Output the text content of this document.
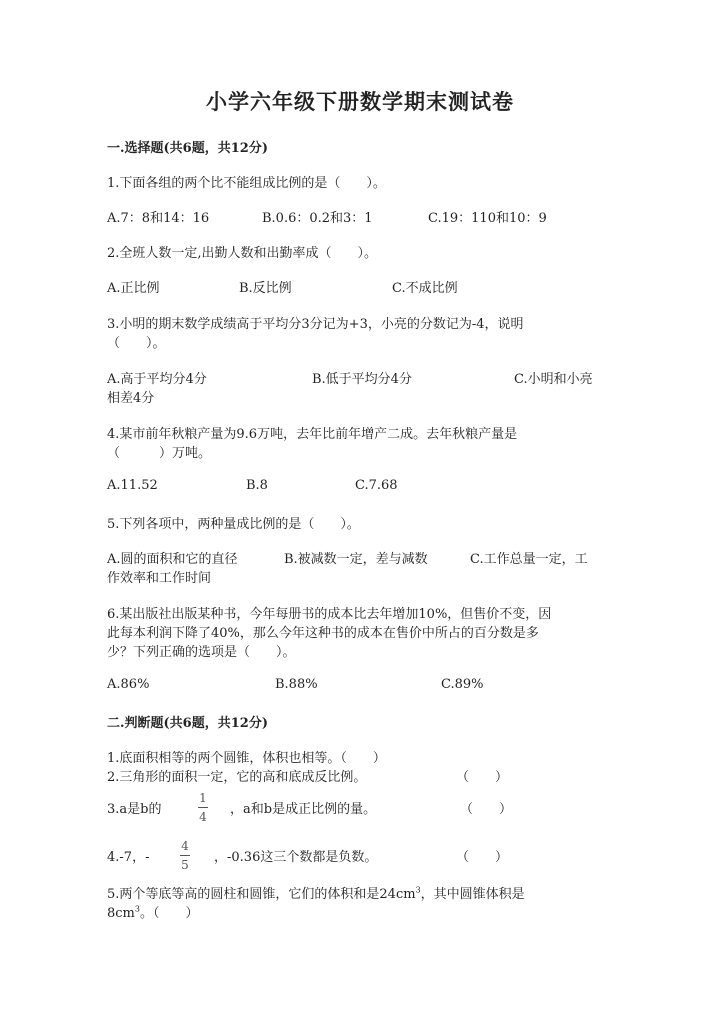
小学六年级下册数学期末测试卷
一.选择题(共6题，共12分)
1.下面各组的两个比不能组成比例的是（　　）。
A.7：8和14：16	B.0.6：0.2和3：1	C.19：110和10：9
2.全班人数一定,出勤人数和出勤率成（　　）。
A.正比例	B.反比例	C.不成比例
3.小明的期末数学成绩高于平均分3分记为+3，小亮的分数记为-4，说明
（　　）。
A.高于平均分4分	B.低于平均分4分	C.小明和小亮
相差4分
4.某市前年秋粮产量为9.6万吨，去年比前年增产二成。去年秋粮产量是
（　　　）万吨。
A.11.52	B.8	C.7.68
5.下列各项中，两种量成比例的是（　　）。
A.圆的面积和它的直径	B.被减数一定，差与减数	C.工作总量一定，工
作效率和工作时间
6.某出版社出版某种书，今年每册书的成本比去年增加10%，但售价不变，因
此每本利润下降了40%，那么今年这种书的成本在售价中所占的百分数是多
少？下列正确的选项是（　　）。
A.86%	B.88%	C.89%
二.判断题(共6题，共12分)
1.底面积相等的两个圆锥，体积也相等。（　　）
2.三角形的面积一定，它的高和底成反比例。	（　　）
3.a是b的
1
4 ，a和b是成正比例的量。	（　　）
4.-7，-
4
5 ，-0.36这三个数都是负数。	（　　）
5.两个等底等高的圆柱和圆锥，它们的体积和是$24cm^3$，其中圆锥体积是
$8cm^3$。（　　）
